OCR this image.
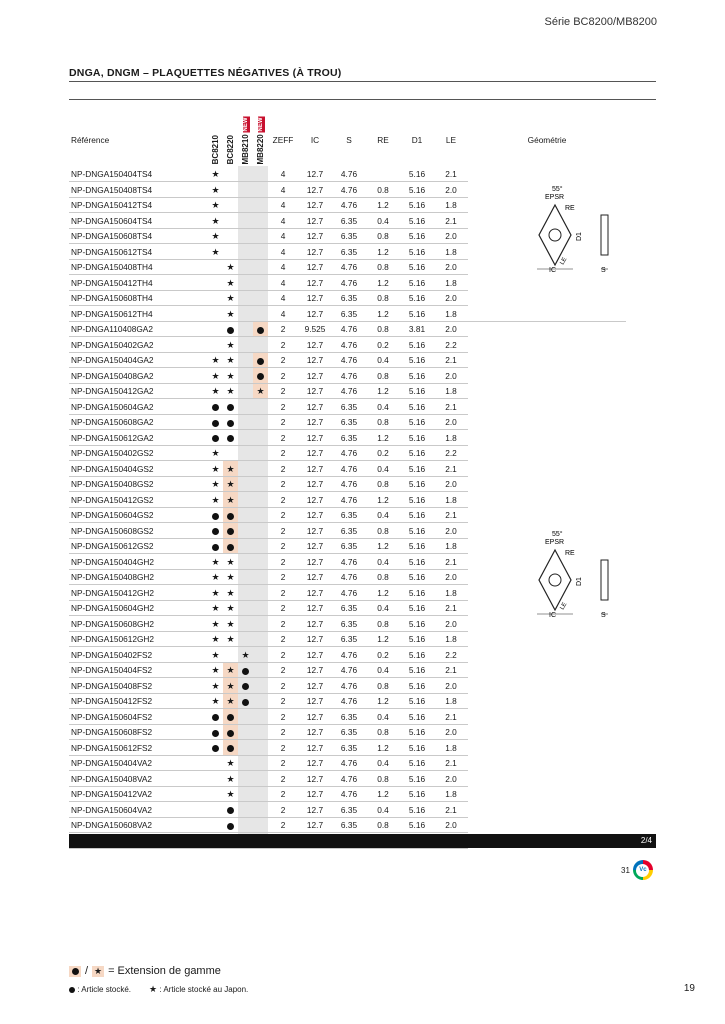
Série BC8200/MB8200
DNGA, DNGM – PLAQUETTES NÉGATIVES (À TROU)
Référence	BC8210	BC8220	MB8210 NEW	MB8220 NEW	ZEFF	IC	S	RE	D1	LE	Géométrie
NP-DNGA150404TS4	★				4	12.7	4.76		5.16	2.1	
NP-DNGA150408TS4	★				4	12.7	4.76	0.8	5.16	2.0	
NP-DNGA150412TS4	★				4	12.7	4.76	1.2	5.16	1.8	
NP-DNGA150604TS4	★				4	12.7	6.35	0.4	5.16	2.1	
NP-DNGA150608TS4	★				4	12.7	6.35	0.8	5.16	2.0	
NP-DNGA150612TS4	★				4	12.7	6.35	1.2	5.16	1.8	
NP-DNGA150408TH4		★			4	12.7	4.76	0.8	5.16	2.0	
NP-DNGA150412TH4		★			4	12.7	4.76	1.2	5.16	1.8	
NP-DNGA150608TH4		★			4	12.7	6.35	0.8	5.16	2.0	
NP-DNGA150612TH4		★			4	12.7	6.35	1.2	5.16	1.8	
NP-DNGA110408GA2					2	9.525	4.76	0.8	3.81	2.0	
NP-DNGA150402GA2		★			2	12.7	4.76	0.2	5.16	2.2	
NP-DNGA150404GA2	★	★			2	12.7	4.76	0.4	5.16	2.1	
NP-DNGA150408GA2	★	★			2	12.7	4.76	0.8	5.16	2.0	
NP-DNGA150412GA2	★	★		★	2	12.7	4.76	1.2	5.16	1.8	
NP-DNGA150604GA2					2	12.7	6.35	0.4	5.16	2.1	
NP-DNGA150608GA2					2	12.7	6.35	0.8	5.16	2.0	
NP-DNGA150612GA2					2	12.7	6.35	1.2	5.16	1.8	
NP-DNGA150402GS2	★				2	12.7	4.76	0.2	5.16	2.2	
NP-DNGA150404GS2	★	★			2	12.7	4.76	0.4	5.16	2.1	
NP-DNGA150408GS2	★	★			2	12.7	4.76	0.8	5.16	2.0	
NP-DNGA150412GS2	★	★			2	12.7	4.76	1.2	5.16	1.8	
NP-DNGA150604GS2					2	12.7	6.35	0.4	5.16	2.1	
NP-DNGA150608GS2					2	12.7	6.35	0.8	5.16	2.0	
NP-DNGA150612GS2					2	12.7	6.35	1.2	5.16	1.8	
NP-DNGA150404GH2	★	★			2	12.7	4.76	0.4	5.16	2.1	
NP-DNGA150408GH2	★	★			2	12.7	4.76	0.8	5.16	2.0	
NP-DNGA150412GH2	★	★			2	12.7	4.76	1.2	5.16	1.8	
NP-DNGA150604GH2	★	★			2	12.7	6.35	0.4	5.16	2.1	
NP-DNGA150608GH2	★	★			2	12.7	6.35	0.8	5.16	2.0	
NP-DNGA150612GH2	★	★			2	12.7	6.35	1.2	5.16	1.8	
NP-DNGA150402FS2	★		★		2	12.7	4.76	0.2	5.16	2.2	
NP-DNGA150404FS2	★	★			2	12.7	4.76	0.4	5.16	2.1	
NP-DNGA150408FS2	★	★			2	12.7	4.76	0.8	5.16	2.0	
NP-DNGA150412FS2	★	★			2	12.7	4.76	1.2	5.16	1.8	
NP-DNGA150604FS2					2	12.7	6.35	0.4	5.16	2.1	
NP-DNGA150608FS2					2	12.7	6.35	0.8	5.16	2.0	
NP-DNGA150612FS2					2	12.7	6.35	1.2	5.16	1.8	
NP-DNGA150404VA2		★			2	12.7	4.76	0.4	5.16	2.1	
NP-DNGA150408VA2		★			2	12.7	4.76	0.8	5.16	2.0	
NP-DNGA150412VA2		★			2	12.7	4.76	1.2	5.16	1.8	
NP-DNGA150604VA2					2	12.7	6.35	0.4	5.16	2.1	
NP-DNGA150608VA2					2	12.7	6.35	0.8	5.16	2.0	

55°
EPSR
RE
IC
D1
LE
S
55°
EPSR
RE
IC
D1
LE
S
2/4
31	Vc
/ ★ = Extension de gamme
: Article stocké. ★ : Article stocké au Japon.	19
